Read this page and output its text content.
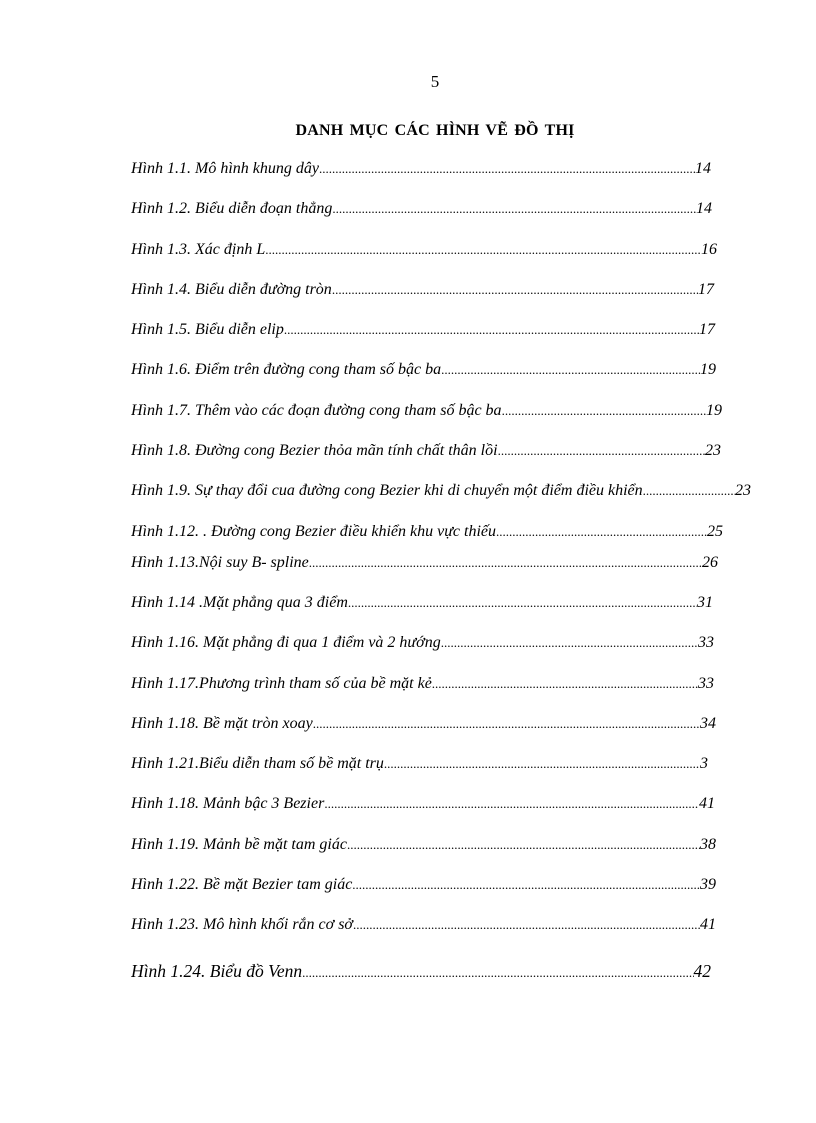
5
DANH MỤC CÁC HÌNH VẼ ĐỒ THỊ
Hình 1.1. Mô hình khung dây .....	14
Hình 1.2. Biểu diễn đoạn thẳng .....	14
Hình 1.3. Xác định L .....	16
Hình 1.4. Biểu diễn đường tròn .....	17
Hình 1.5. Biểu diễn elip .....	17
Hình 1.6. Điểm trên đường cong tham số bậc ba .....	19
Hình 1.7. Thêm vào các đoạn đường cong tham số bậc ba .....	19
Hình 1.8. Đường cong Bezier thỏa mãn tính chất thân lồi .....	23
Hình 1.9. Sự thay đổi cua đường cong Bezier khi di chuyển một điểm điều khiển .....	23
Hình 1.12. . Đường cong Bezier điều khiển khu vực thiếu .....	25
Hình 1.13.Nội suy B- spline .....	26
Hình 1.14 .Mặt phẳng qua 3 điểm .....	31
Hình 1.16. Mặt phẳng đi qua 1 điểm và 2 hướng .....	33
Hình 1.17.Phương trình tham số của bề mặt kẻ .....	33
Hình 1.18. Bề mặt tròn xoay .....	34
Hình 1.21.Biểu diễn tham số bề mặt trụ .....	3
Hình 1.18. Mảnh bậc 3 Bezier .....	41
Hình 1.19. Mảnh bề mặt tam giác .....	38
Hình 1.22. Bề mặt Bezier tam giác .....	39
Hình 1.23. Mô hình khối rắn cơ sở .....	41
Hình 1.24. Biểu đồ Venn .....	42
